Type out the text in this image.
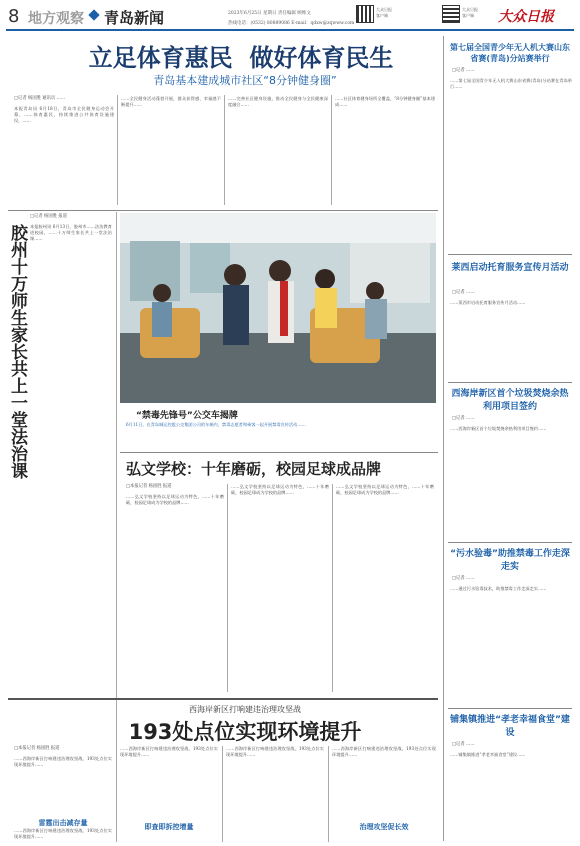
8 地方观察 青岛新闻	2023年6月25日 星期日 责任编辑 顾维文
大众日报
客户端
大众日报
客户端 大众日报
热线电话：(0532) 80889086 E-mail：qdxw@zqwww.com
立足体育惠民  做好体育民生
青岛基本建成城市社区“8分钟健身圈”
□记者 杨国胜 通讯员 ……
本报青岛讯 6月18日，青岛市全民健身运动会开幕，……体育惠民，持续推进公共体育设施建设，……
……全民健身活动蓬勃开展，群众获得感、幸福感不断提升……
……完善社区健身设施，推动全民健身与全民健康深度融合……
……社区体育健身场所全覆盖，“8分钟健身圈”基本建成……
□记者 杨国胜 报道
胶州十万师生家长共上一堂法治课 本报胶州讯 6月13日，胶州市……法治教育进校园，……十万师生家长共上一堂法治课……
“禁毒先锋号”公交车揭牌
6月11日，在青岛城运控股公交集团公司的车辆内，禁毒志愿者和乘客一起开展禁毒宣传活动……
弘文学校：十年磨砺，校园足球成品牌
□本报记者 杨国胜 报道
……弘文学校坚持以足球运动为特色，……十年磨砺，校园足球成为学校的品牌……
……弘文学校坚持以足球运动为特色，……十年磨砺，校园足球成为学校的品牌……
……弘文学校坚持以足球运动为特色，……十年磨砺，校园足球成为学校的品牌……
第七届全国青少年无人机大赛山东省赛(青岛)分站赛举行
□记者 ……
……第七届全国青少年无人机大赛山东省赛(青岛)分站赛在青岛举行……
莱西启动托育服务宣传月活动
□记者 ……
……莱西市启动托育服务宣传月活动……
西海岸新区首个垃圾焚烧余热利用项目签约
□记者 ……
……西海岸新区首个垃圾焚烧余热利用项目签约……
“污水验毒”助推禁毒工作走深走实
□记者 ……
……通过污水验毒技术，助推禁毒工作走深走实……
铺集镇推进“孝老幸福食堂”建设
□记者 ……
……铺集镇推进“孝老幸福食堂”建设……
西海岸新区打响建违治理攻坚战
193处点位实现环境提升
□本报记者 杨国胜 报道
……西海岸新区打响建违治理攻坚战，193处点位实现环境提升……
雷霆出击减存量
……西海岸新区打响建违治理攻坚战，193处点位实现环境提升……
……西海岸新区打响建违治理攻坚战，193处点位实现环境提升……
即查即拆控增量
……西海岸新区打响建违治理攻坚战，193处点位实现环境提升……
……西海岸新区打响建违治理攻坚战，193处点位实现环境提升……
治理攻坚促长效
